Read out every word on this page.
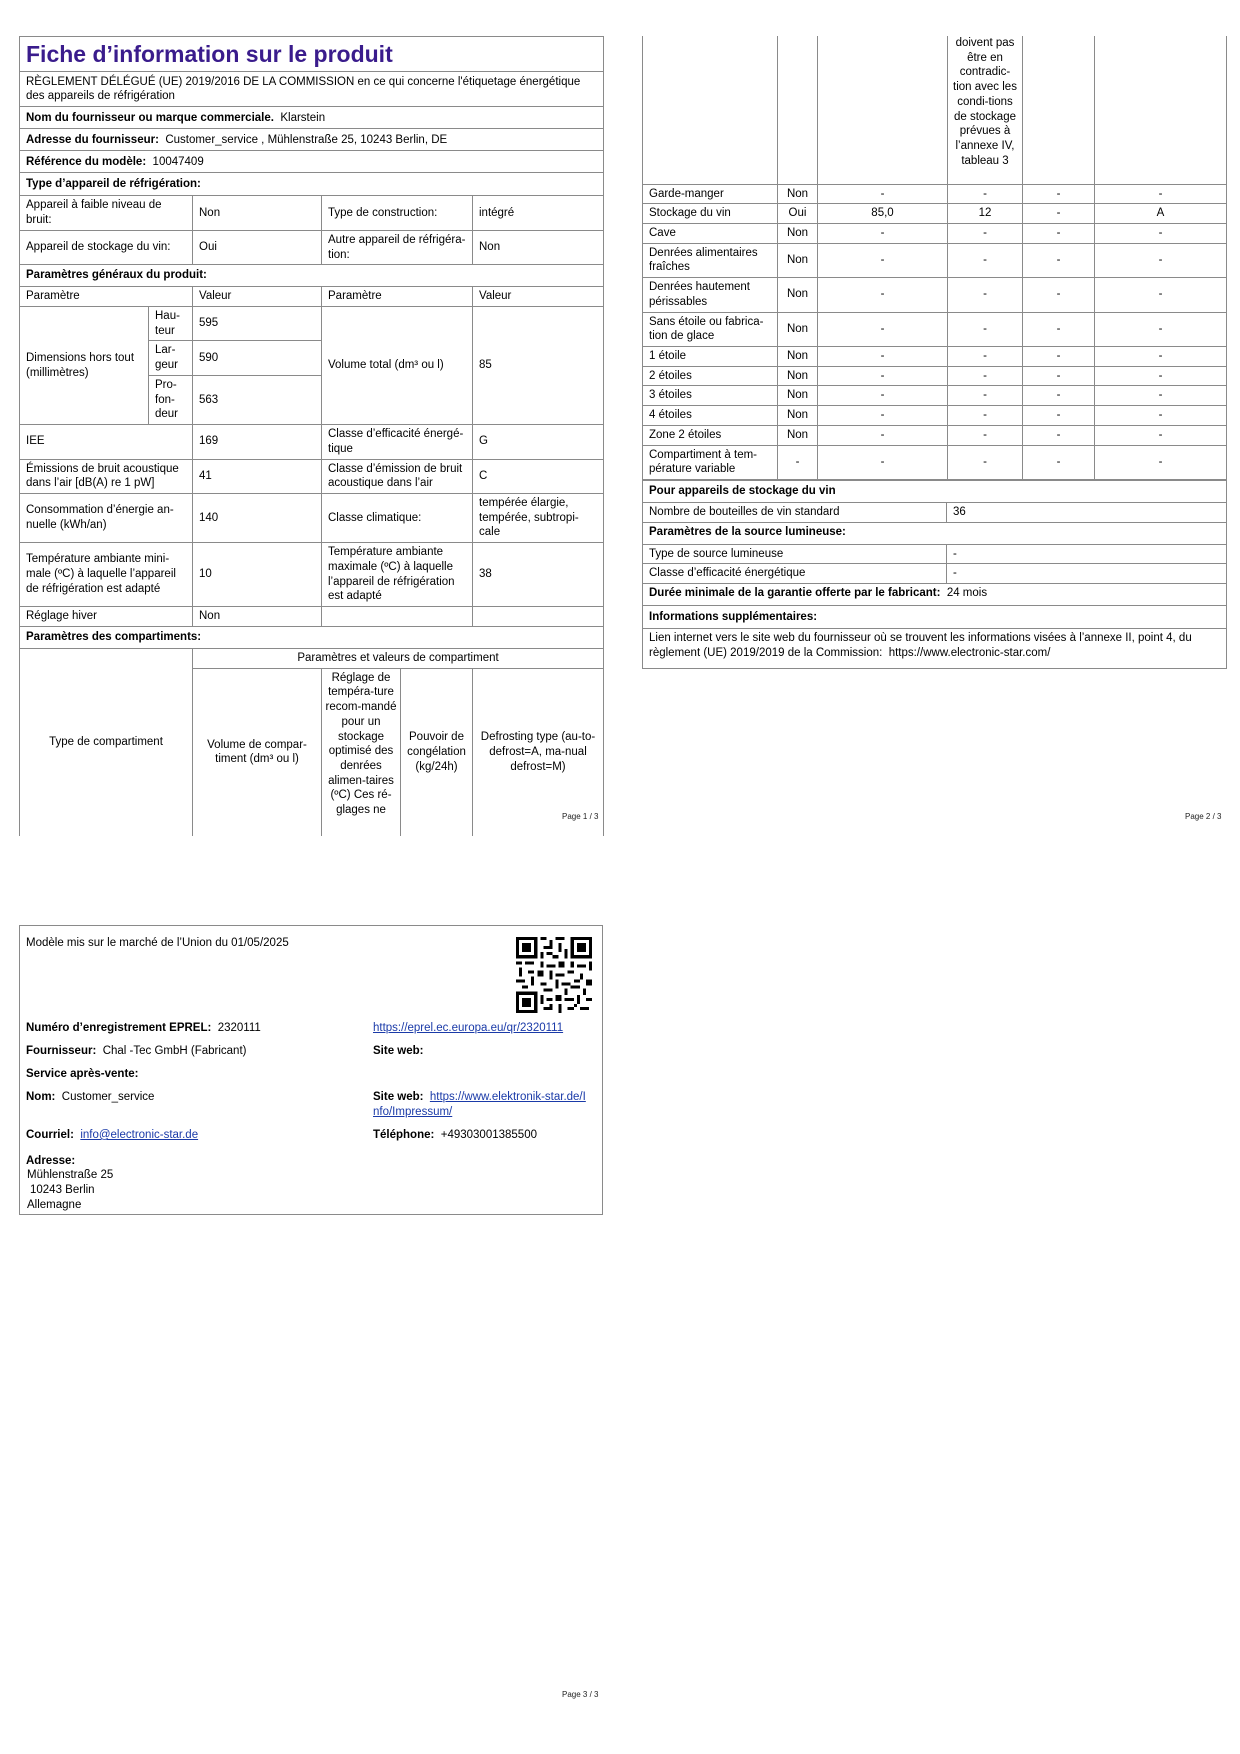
Fiche d’information sur le produit				
RÈGLEMENT DÉLÉGUÉ (UE) 2019/2016 DE LA COMMISSION en ce qui concerne l'étiquetage énergétique des appareils de réfrigération				
Nom du fournisseur ou marque commerciale. Klarstein				
Adresse du fournisseur: Customer_service , Mühlenstraße 25, 10243 Berlin, DE				
Référence du modèle: 10047409				
Type d’appareil de réfrigération:				
Appareil à faible niveau de bruit:		Non	Type de construction:	intégré
Appareil de stockage du vin:		Oui	Autre appareil de réfrigéra-tion:	Non
Paramètres généraux du produit:				
Paramètre		Valeur	Paramètre	Valeur
Dimensions hors tout (millimètres)	Hau-teur	595	Volume total (dm³ ou l)	85
	Lar-geur	590		
	Pro-fon-deur	563		
IEE		169	Classe d’efficacité énergé-tique	G
Émissions de bruit acoustique dans l’air [dB(A) re 1 pW]		41	Classe d’émission de bruit acoustique dans l’air	C
Consommation d’énergie an-nuelle (kWh/an)		140	Classe climatique:	tempérée élargie, tempérée, subtropi-cale
Température ambiante mini-male (ºC) à laquelle l’appareil de réfrigération est adapté		10	Température ambiante maximale (ºC) à laquelle l’appareil de réfrigération est adapté	38
Réglage hiver		Non		
Paramètres des compartiments:				
Type de compartiment	Paramètres et valeurs de compartiment			
	Volume de compar-timent (dm³ ou l)	Réglage de tempéra-ture recom-mandé pour un stockage optimisé des denrées alimen-taires (ºC) Ces ré-glages ne	Pouvoir de congélation (kg/24h)	Defrosting type (au-to-defrost=A, ma-nual defrost=M)
Page 1 / 3
			doivent pas être en contradic-tion avec les condi-tions de stockage prévues à l’annexe IV, tableau 3		
Garde-manger	Non	-	-	-	-
Stockage du vin	Oui	85,0	12	-	A
Cave	Non	-	-	-	-
Denrées alimentaires fraîches	Non	-	-	-	-
Denrées hautement périssables	Non	-	-	-	-
Sans étoile ou fabrica-tion de glace	Non	-	-	-	-
1 étoile	Non	-	-	-	-
2 étoiles	Non	-	-	-	-
3 étoiles	Non	-	-	-	-
4 étoiles	Non	-	-	-	-
Zone 2 étoiles	Non	-	-	-	-
Compartiment à tem-pérature variable	-	-	-	-	-
Pour appareils de stockage du vin	
Nombre de bouteilles de vin standard	36
Paramètres de la source lumineuse:	
Type de source lumineuse	-
Classe d’efficacité énergétique	-
Durée minimale de la garantie offerte par le fabricant: 24 mois	
Informations supplémentaires:	
Lien internet vers le site web du fournisseur où se trouvent les informations visées à l’annexe II, point 4, du règlement (UE) 2019/2019 de la Commission: https://www.electronic-star.com/	
Page 2 / 3
Modèle mis sur le marché de l’Union du 01/05/2025
Numéro d’enregistrement EPREL: 2320111	https://eprel.ec.europa.eu/qr/2320111
Fournisseur: Chal -Tec GmbH (Fabricant)	Site web:
Service après-vente:
Nom: Customer_service	Site web: https://www.elektronik-star.de/I
nfo/Impressum/
Courriel: info@electronic-star.de	Téléphone: +49303001385500
Adresse:
Mühlenstraße 25
10243 Berlin
Allemagne
Page 3 / 3
